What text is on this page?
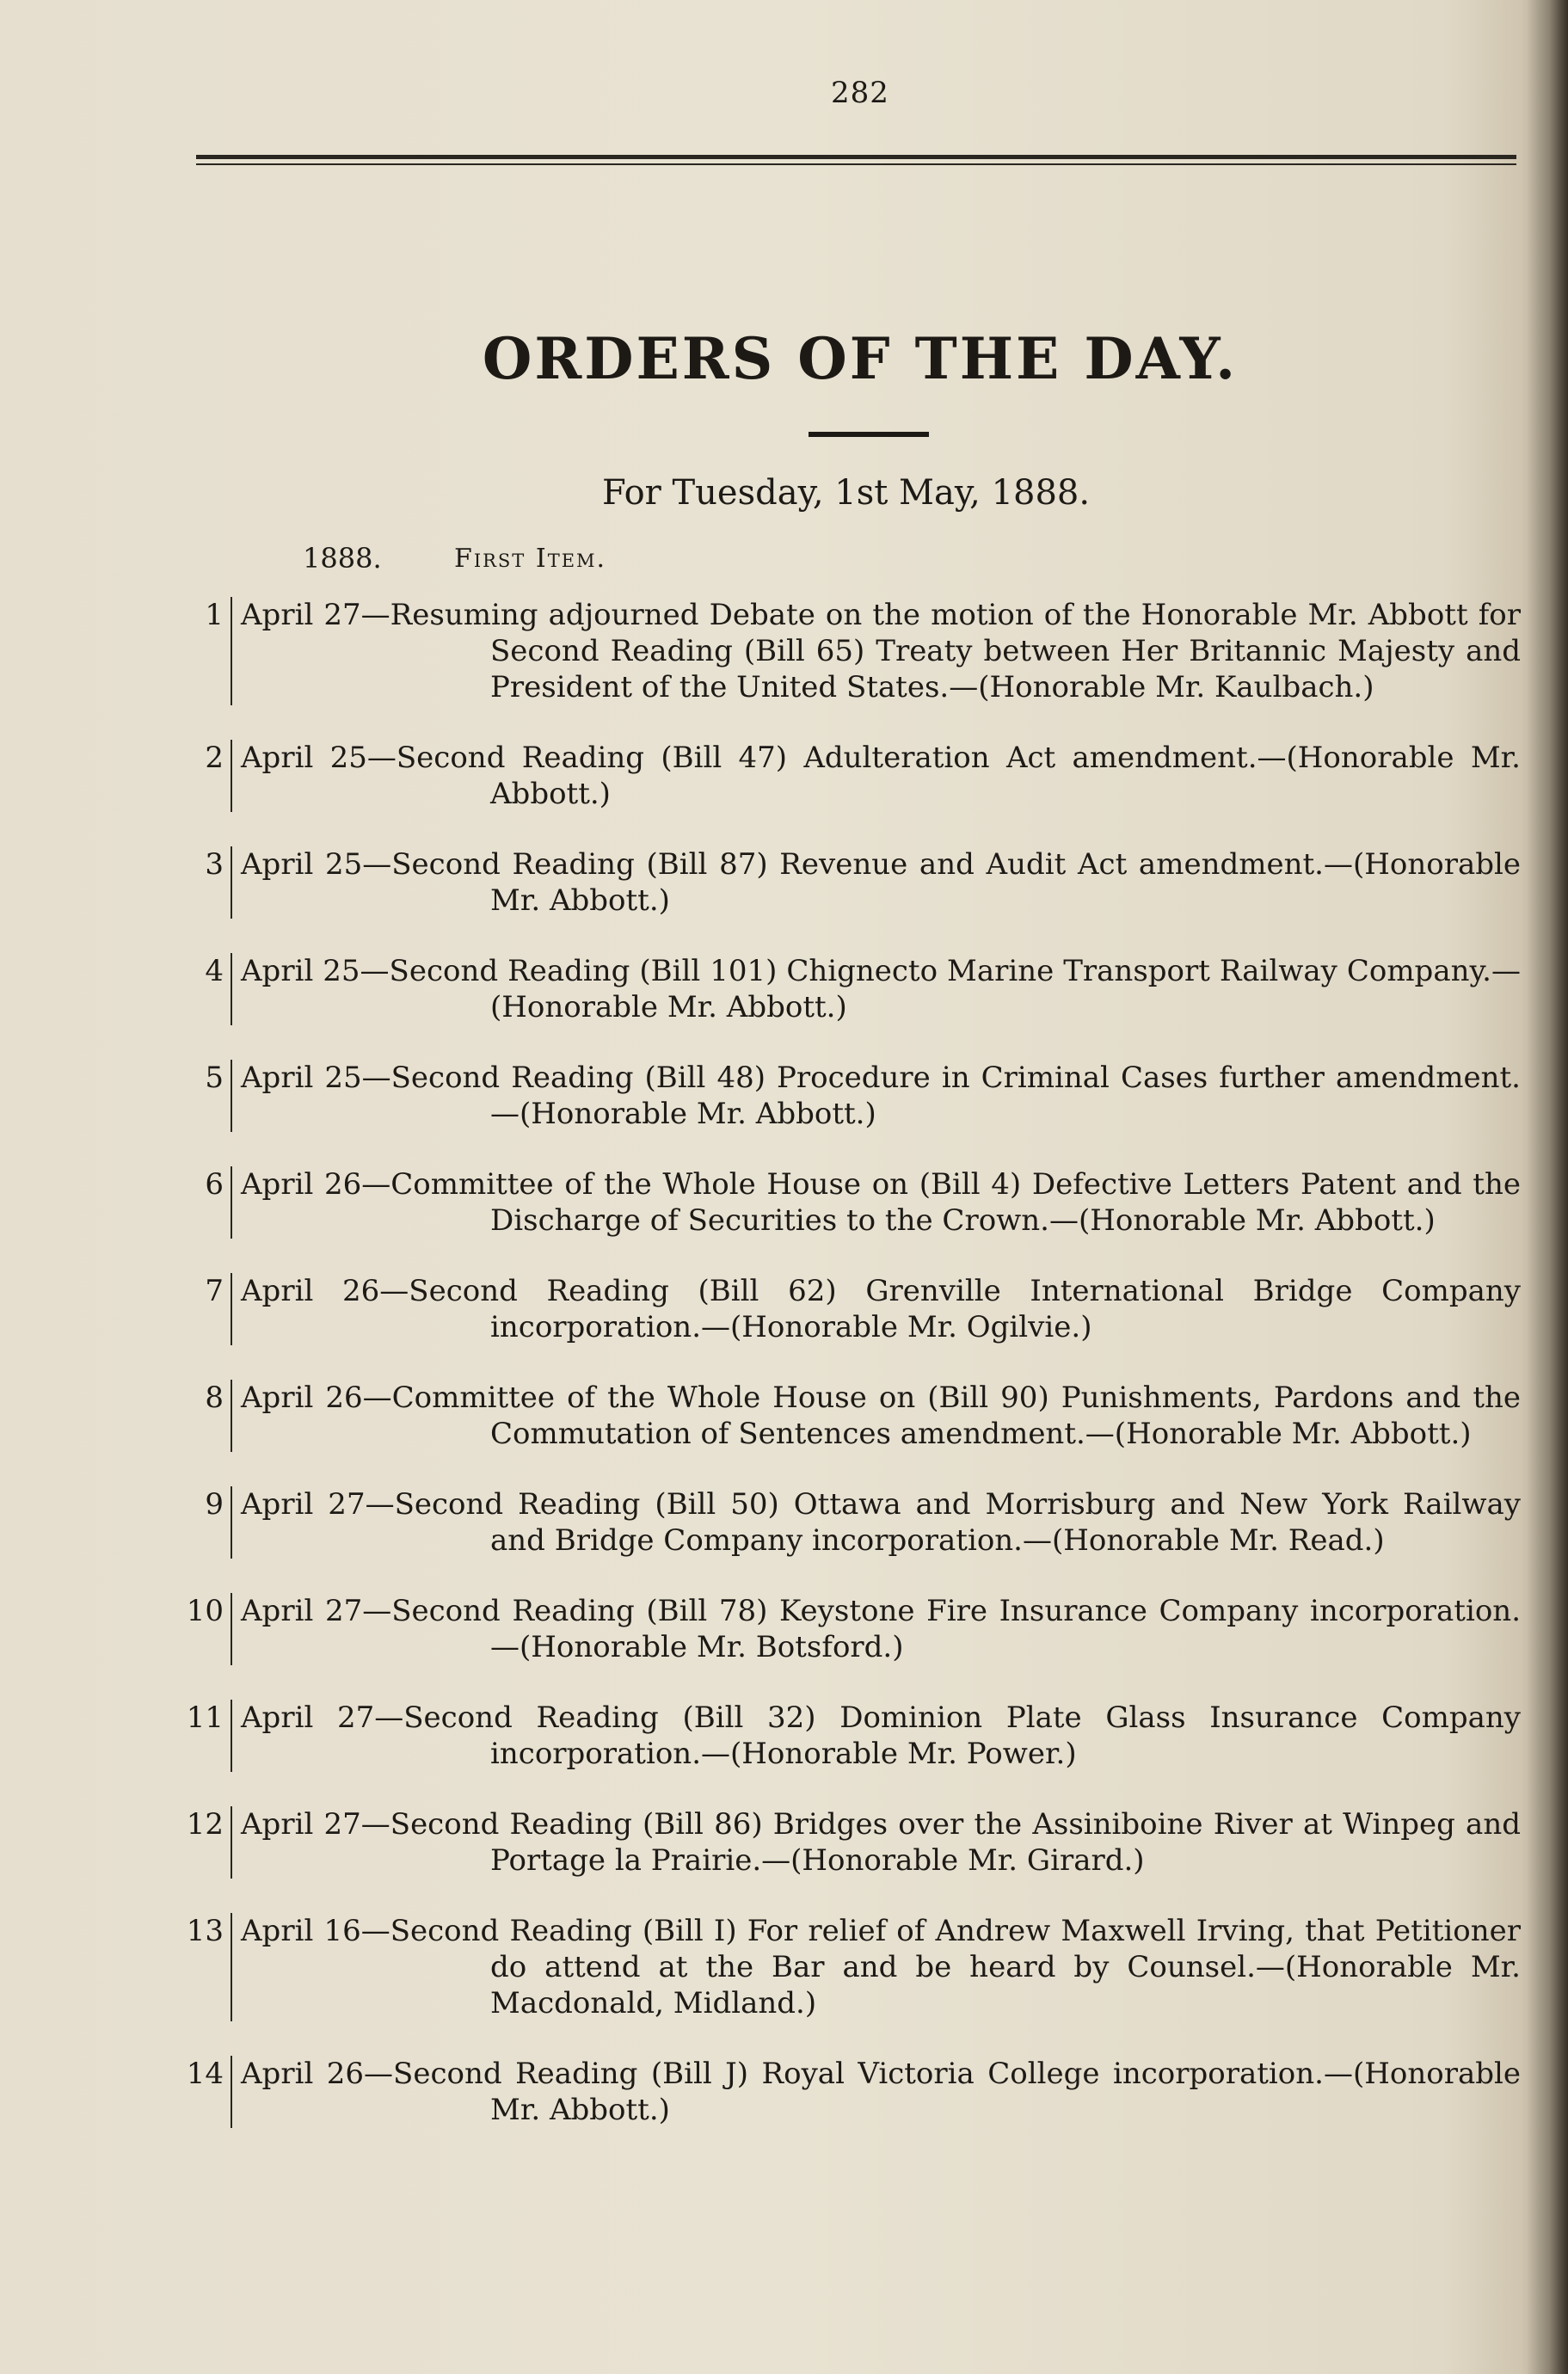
282
ORDERS OF THE DAY.
For Tuesday, 1st May, 1888.
1888.	First Item.
1 April 27—Resuming adjourned Debate on the motion of the Honorable Mr. Abbott for Second Reading (Bill 65) Treaty between Her Britannic Majesty and President of the United States.—(Honorable Mr. Kaulbach.)

2 April 25—Second Reading (Bill 47) Adulteration Act amendment.—(Honorable Mr. Abbott.)

3 April 25—Second Reading (Bill 87) Revenue and Audit Act amendment.—(Honorable Mr. Abbott.)

4 April 25—Second Reading (Bill 101) Chignecto Marine Transport Railway Company.—(Honorable Mr. Abbott.)

5 April 25—Second Reading (Bill 48) Procedure in Criminal Cases further amendment.—(Honorable Mr. Abbott.)

6 April 26—Committee of the Whole House on (Bill 4) Defective Letters Patent and the Discharge of Securities to the Crown.—(Honorable Mr. Abbott.)

7 April 26—Second Reading (Bill 62) Grenville International Bridge Company incorporation.—(Honorable Mr. Ogilvie.)

8 April 26—Committee of the Whole House on (Bill 90) Punishments, Pardons and the Commutation of Sentences amendment.—(Honorable Mr. Abbott.)

9 April 27—Second Reading (Bill 50) Ottawa and Morrisburg and New York Railway and Bridge Company incorporation.—(Honorable Mr. Read.)

10 April 27—Second Reading (Bill 78) Keystone Fire Insurance Company incorporation.—(Honorable Mr. Botsford.)

11 April 27—Second Reading (Bill 32) Dominion Plate Glass Insurance Company incorporation.—(Honorable Mr. Power.)

12 April 27—Second Reading (Bill 86) Bridges over the Assiniboine River at Winpeg and Portage la Prairie.—(Honorable Mr. Girard.)

13 April 16—Second Reading (Bill I) For relief of Andrew Maxwell Irving, that Petitioner do attend at the Bar and be heard by Counsel.—(Honorable Mr. Macdonald, Midland.)

14 April 26—Second Reading (Bill J) Royal Victoria College incorporation.—(Honorable Mr. Abbott.)
